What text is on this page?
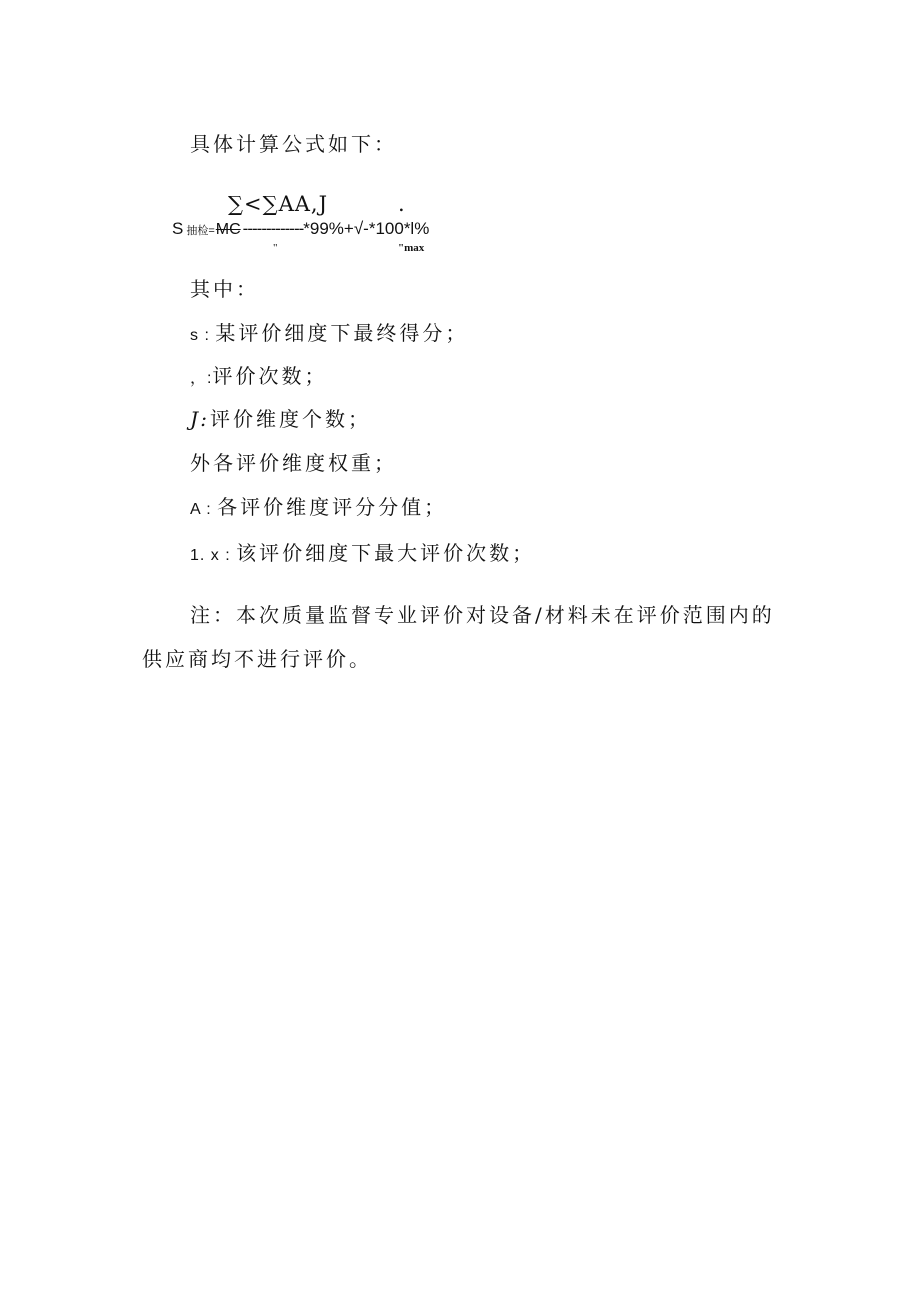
具体计算公式如下：
∑<∑AA,J	.
S 抽检= MC ------------- *99%+√-*100*l%
"	"max
其中：
s : 某评价细度下最终得分；
，:评价次数；
J:评价维度个数；
外各评价维度权重；
A : 各评价维度评分分值；
1. x : 该评价细度下最大评价次数；
注：本次质量监督专业评价对设备/材料未在评价范围内的供应商均不进行评价。
